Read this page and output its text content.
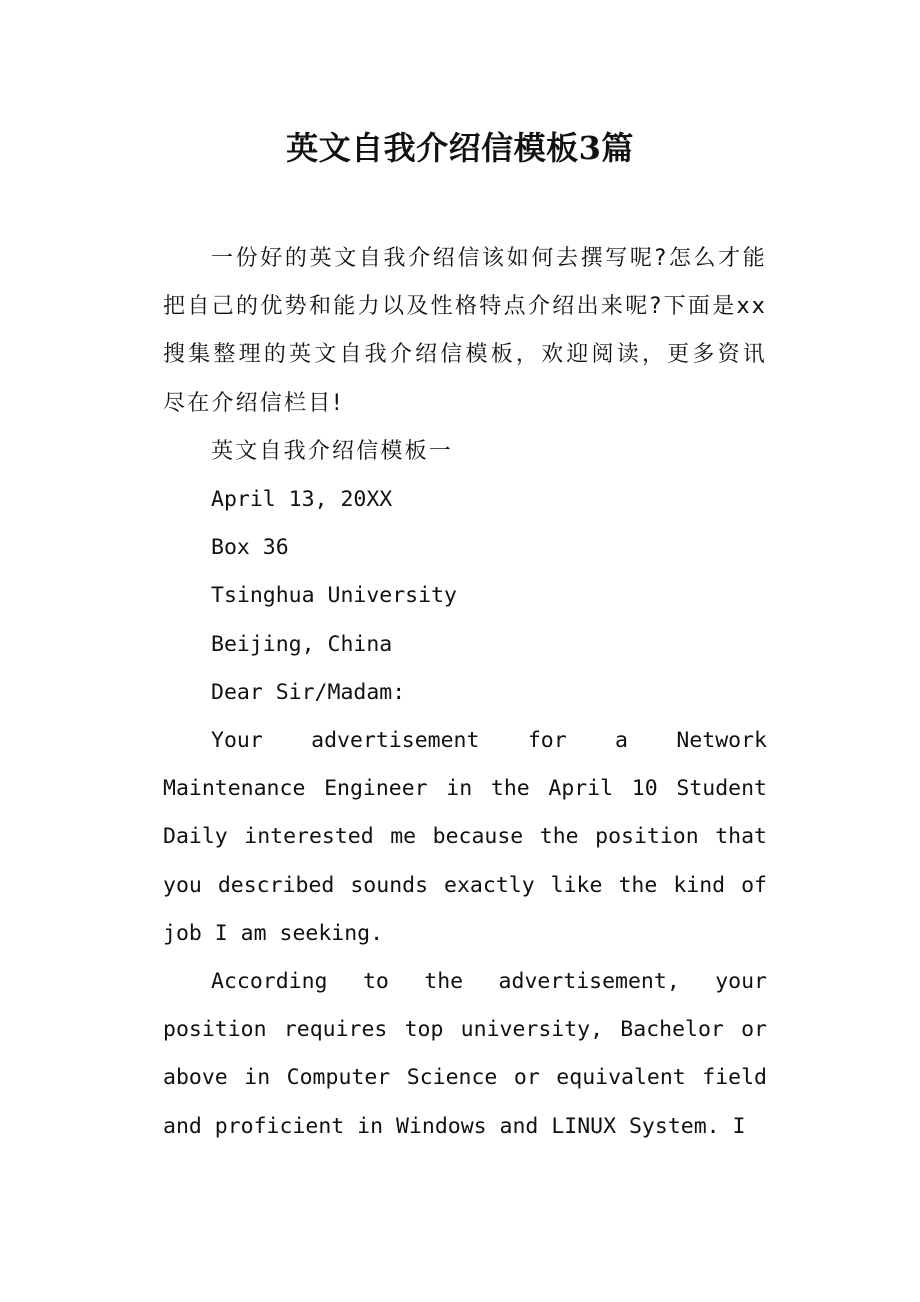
英文自我介绍信模板3篇

一份好的英文自我介绍信该如何去撰写呢?怎么才能把自己的优势和能力以及性格特点介绍出来呢?下面是xx搜集整理的英文自我介绍信模板，欢迎阅读，更多资讯尽在介绍信栏目!

英文自我介绍信模板一

April 13, 20XX

Box 36

Tsinghua University

Beijing, China

Dear Sir/Madam:

Your advertisement for a Network Maintenance Engineer in the April 10 Student Daily interested me because the position that you described sounds exactly like the kind of job I am seeking.

According to the advertisement, your position requires top university, Bachelor or above in Computer Science or equivalent field and proficient in Windows and LINUX System. I
